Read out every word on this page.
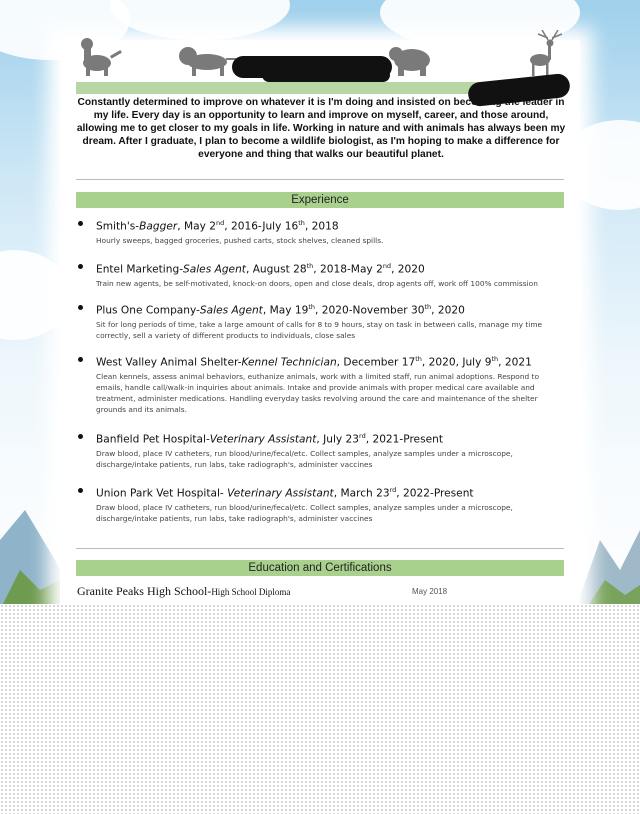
Constantly determined to improve on whatever it is I'm doing and insisted on becoming the leader in my life. Every day is an opportunity to learn and improve on myself, career, and those around, allowing me to get closer to my goals in life. Working in nature and with animals has always been my dream. After I graduate, I plan to become a wildlife biologist, as I'm hoping to make a difference for everyone and thing that walks our beautiful planet.
Experience
Smith's-Bagger, May 2nd, 2016-July 16th, 2018
Hourly sweeps, bagged groceries, pushed carts, stock shelves, cleaned spills.
Entel Marketing-Sales Agent, August 28th, 2018-May 2nd, 2020
Train new agents, be self-motivated, knock-on doors, open and close deals, drop agents off, work off 100% commission
Plus One Company-Sales Agent, May 19th, 2020-November 30th, 2020
Sit for long periods of time, take a large amount of calls for 8 to 9 hours, stay on task in between calls, manage my time correctly, sell a variety of different products to individuals, close sales
West Valley Animal Shelter-Kennel Technician, December 17th, 2020, July 9th, 2021
Clean kennels, assess animal behaviors, euthanize animals, work with a limited staff, run animal adoptions. Respond to emails, handle call/walk-in inquiries about animals. Intake and provide animals with proper medical care available and treatment, administer medications. Handling everyday tasks revolving around the care and maintenance of the shelter grounds and its animals.
Banfield Pet Hospital-Veterinary Assistant, July 23rd, 2021-Present
Draw blood, place IV catheters, run blood/urine/fecal/etc. Collect samples, analyze samples under a microscope, discharge/intake patients, run labs, take radiograph's, administer vaccines
Union Park Vet Hospital- Veterinary Assistant, March 23rd, 2022-Present
Draw blood, place IV catheters, run blood/urine/fecal/etc. Collect samples, analyze samples under a microscope, discharge/intake patients, run labs, take radiograph's, administer vaccines
Education and Certifications
Granite Peaks High School-High School Diploma	May 2018
